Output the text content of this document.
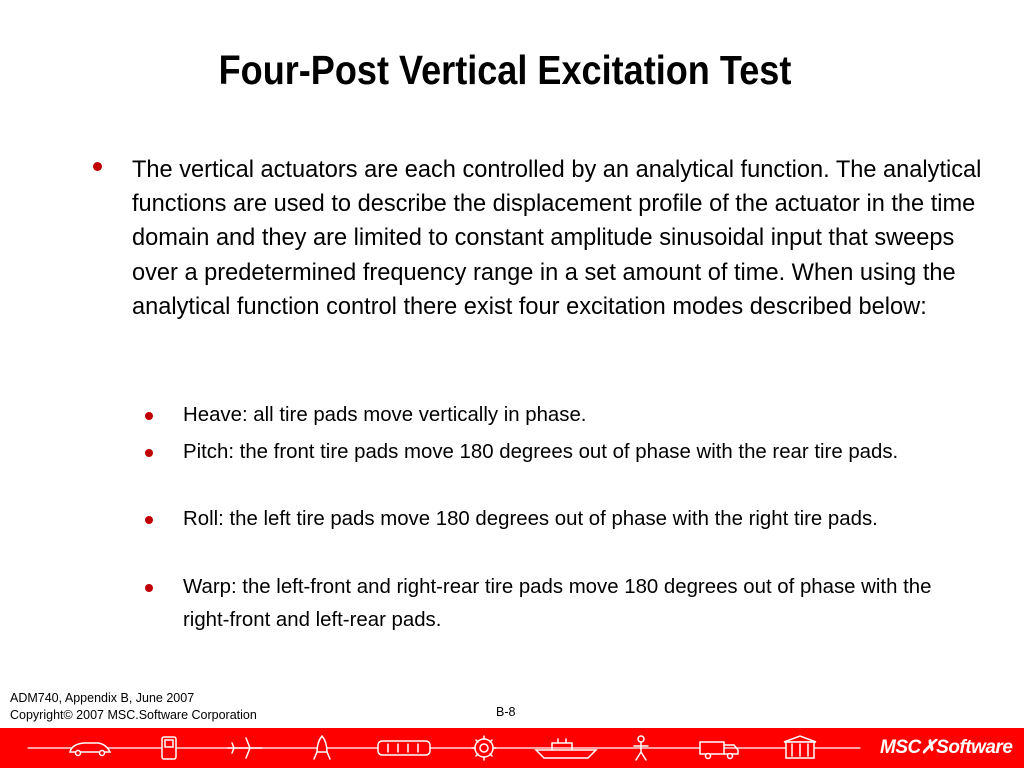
Four-Post Vertical Excitation Test
The vertical actuators are each controlled by an analytical function. The analytical functions are used to describe the displacement profile of the actuator in the time domain and they are limited to constant amplitude sinusoidal input that sweeps over a predetermined frequency range in a set amount of time. When using the analytical function control there exist four excitation modes described below:
Heave: all tire pads move vertically in phase.
Pitch: the front tire pads move 180 degrees out of phase with the rear tire pads.
Roll: the left tire pads move 180 degrees out of phase with the right tire pads.
Warp: the left-front and right-rear tire pads move 180 degrees out of phase with the right-front and left-rear pads.
ADM740, Appendix B, June 2007
Copyright© 2007 MSC.Software Corporation	B-8
MSC✗Software
